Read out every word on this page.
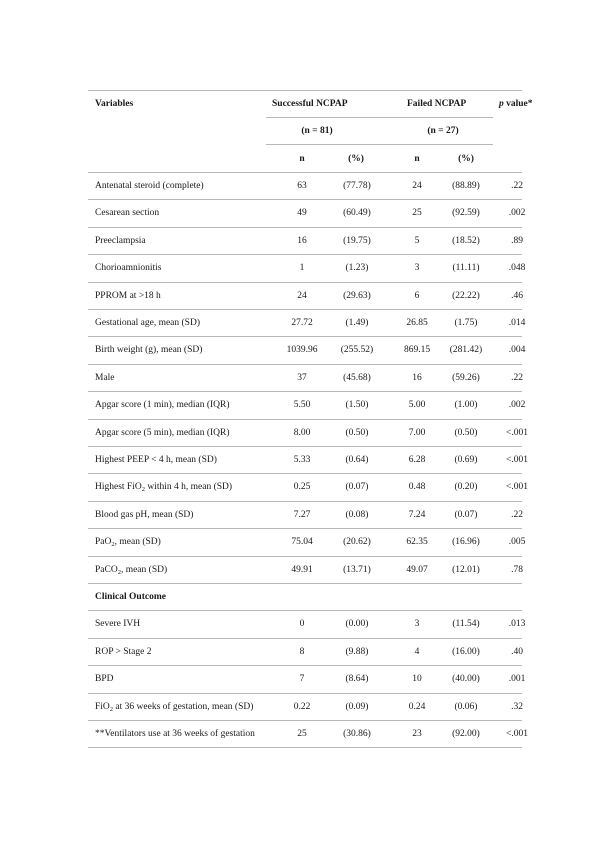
Variables	Successful NCPAP	Failed NCPAP	p value*
(n = 81)	(n = 27)
n	(%)	n	(%)
Antenatal steroid (complete)	63	(77.78)	24	(88.89)	.22
Cesarean section	49	(60.49)	25	(92.59)	.002
Preeclampsia	16	(19.75)	5	(18.52)	.89
Chorioamnionitis	1	(1.23)	3	(11.11)	.048
PPROM at >18 h	24	(29.63)	6	(22.22)	.46
Gestational age, mean (SD)	27.72	(1.49)	26.85	(1.75)	.014
Birth weight (g), mean (SD)	1039.96 (255.52)	869.15 (281.42)	.004
Male	37	(45.68)	16	(59.26)	.22
Apgar score (1 min), median (IQR)	5.50	(1.50)	5.00	(1.00)	.002
Apgar score (5 min), median (IQR)	8.00	(0.50)	7.00	(0.50)	<.001
Highest PEEP < 4 h, mean (SD)	5.33	(0.64)	6.28	(0.69)	<.001
Highest FiO$_2$ within 4 h, mean (SD)	0.25	(0.07)	0.48	(0.20)	<.001
Blood gas pH, mean (SD)	7.27	(0.08)	7.24	(0.07)	.22
PaO$_2$, mean (SD)	75.04	(20.62)	62.35	(16.96)	.005
PaCO$_2$, mean (SD)	49.91	(13.71)	49.07	(12.01)	.78
Clinical Outcome
Severe IVH	0	(0.00)	3	(11.54)	.013
ROP > Stage 2	8	(9.88)	4	(16.00)	.40
BPD	7	(8.64)	10	(40.00)	.001
FiO$_2$ at 36 weeks of gestation, mean (SD)	0.22	(0.09)	0.24	(0.06)	.32
**Ventilators use at 36 weeks of gestation	25	(30.86)	23	(92.00)	<.001
